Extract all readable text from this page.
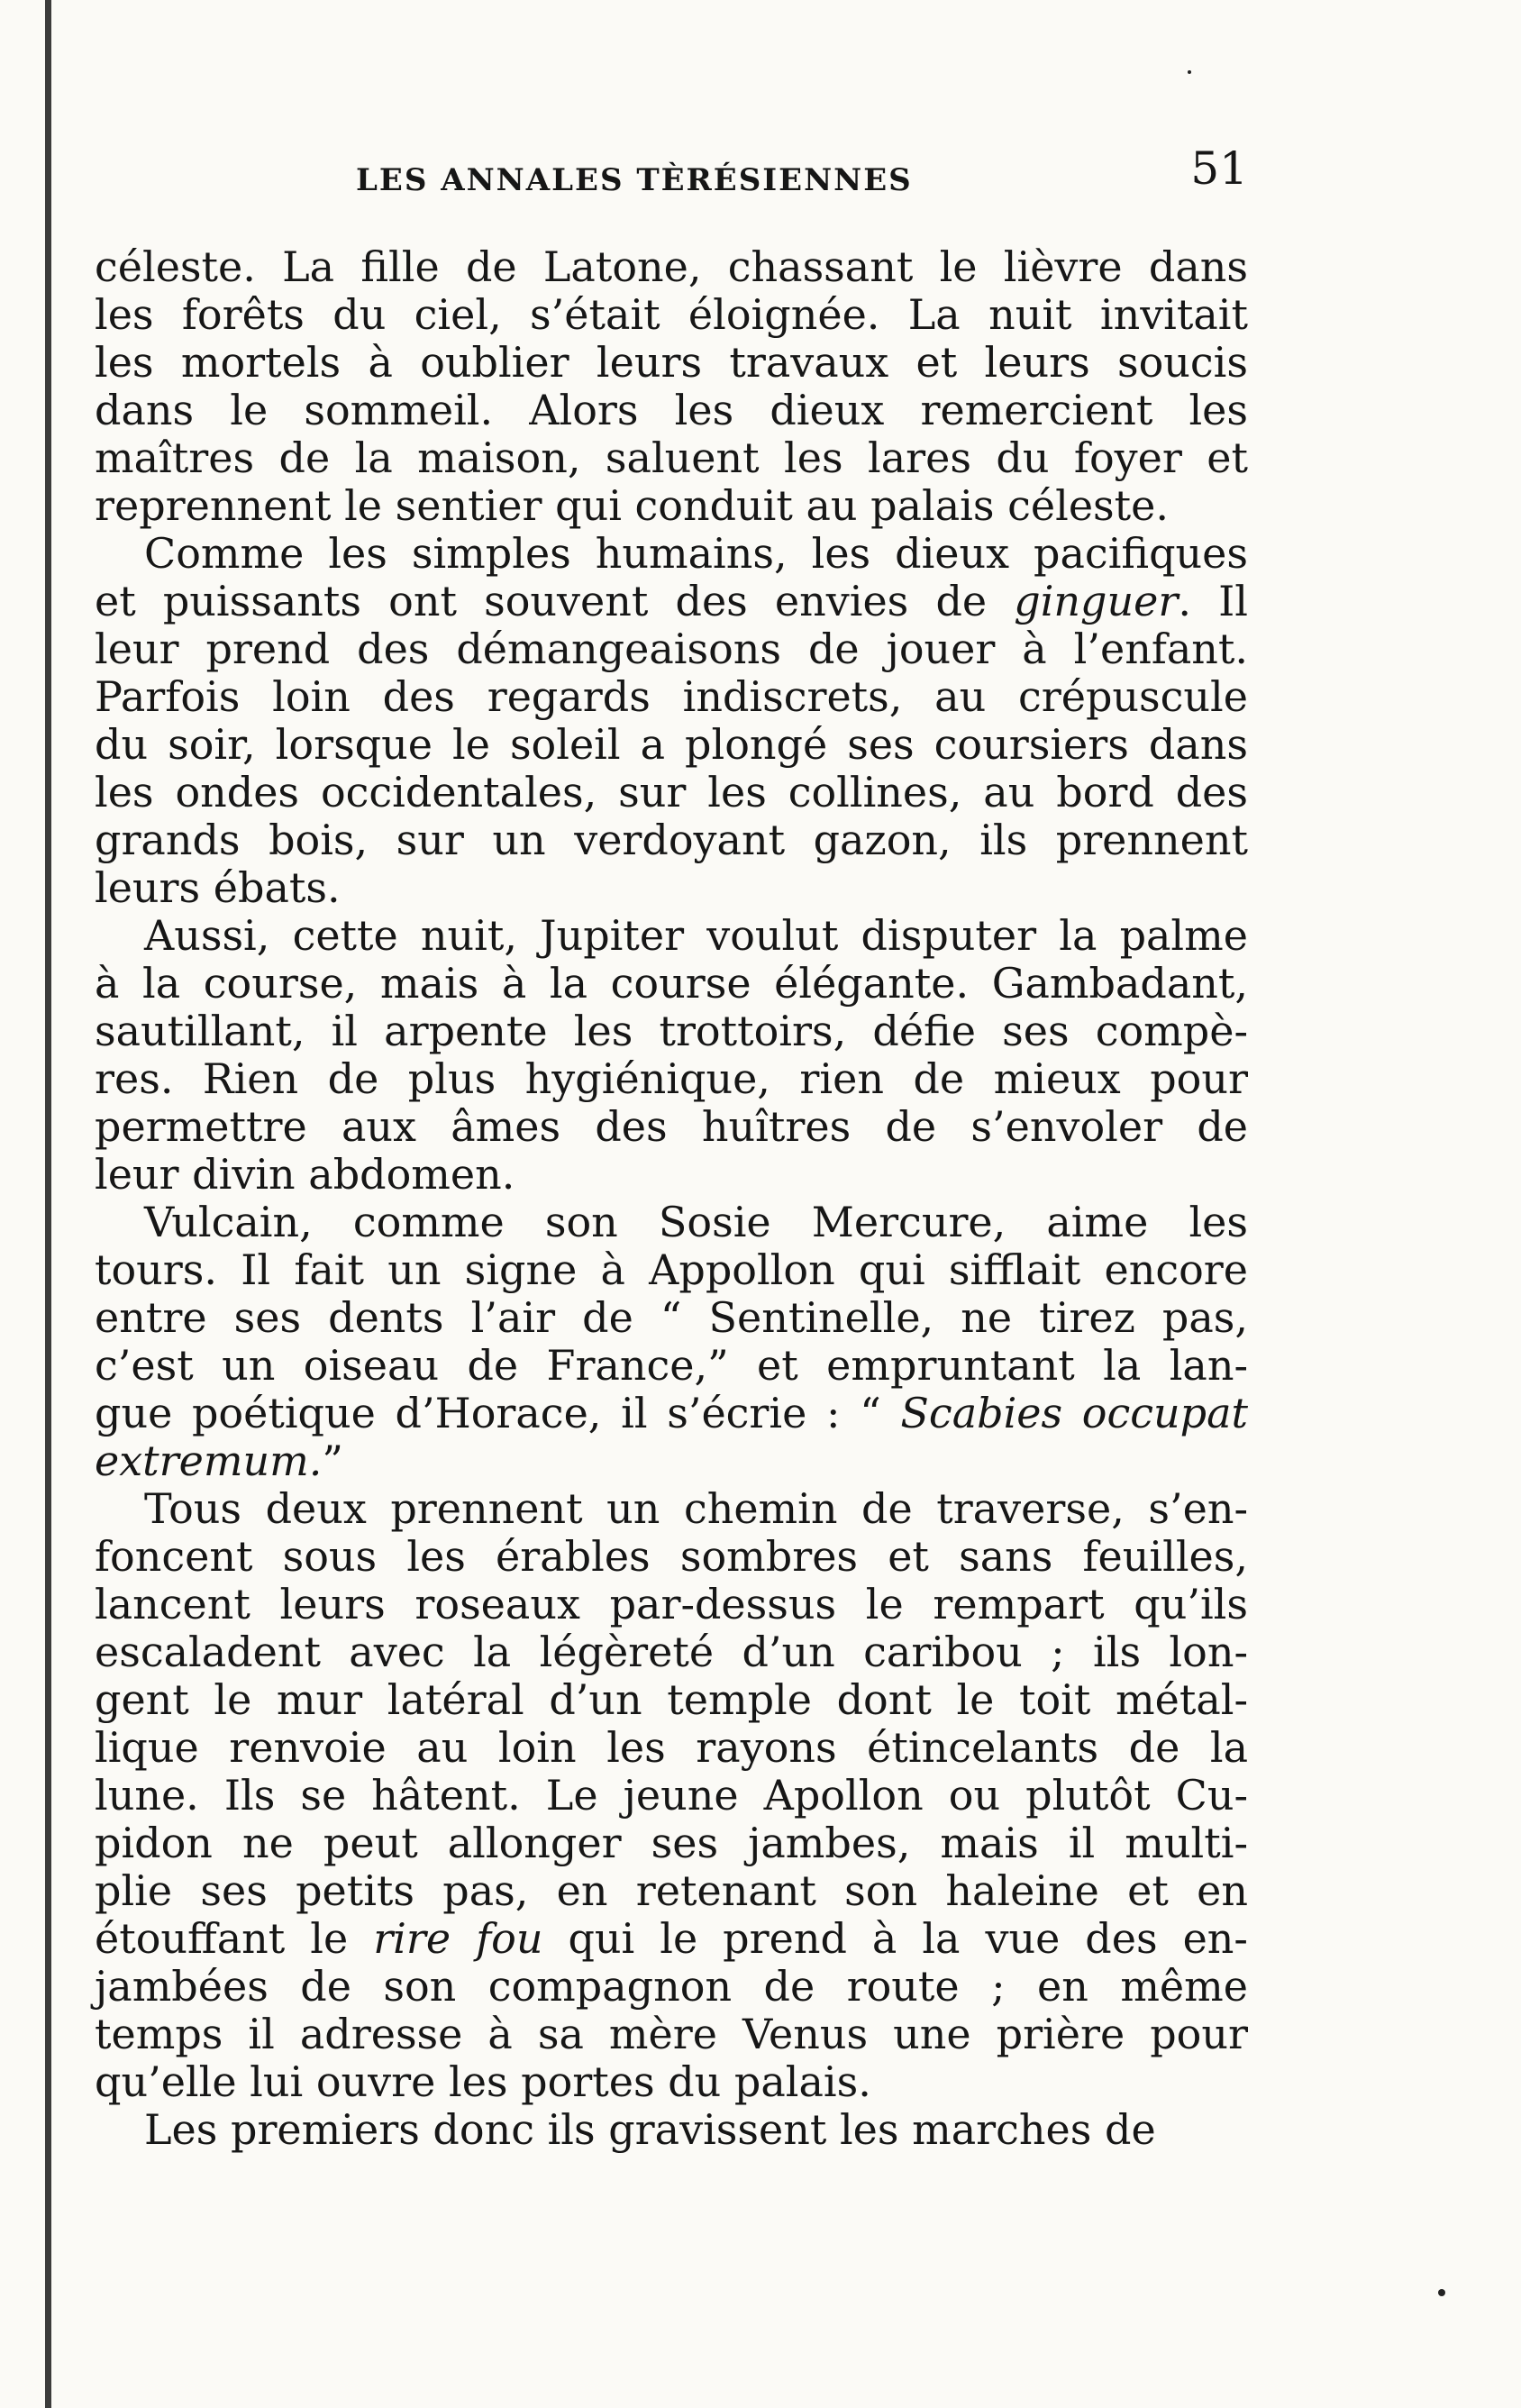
LES ANNALES TÈRÉSIENNES	51
céleste. La fille de Latone, chassant le lièvre dans
les forêts du ciel, s’était éloignée. La nuit invitait
les mortels à oublier leurs travaux et leurs soucis
dans le sommeil. Alors les dieux remercient les
maîtres de la maison, saluent les lares du foyer et
reprennent le sentier qui conduit au palais céleste.
Comme les simples humains, les dieux pacifiques
et puissants ont souvent des envies de ginguer. Il
leur prend des démangeaisons de jouer à l’enfant.
Parfois loin des regards indiscrets, au crépuscule
du soir, lorsque le soleil a plongé ses coursiers dans
les ondes occidentales, sur les collines, au bord des
grands bois, sur un verdoyant gazon, ils prennent
leurs ébats.
Aussi, cette nuit, Jupiter voulut disputer la palme
à la course, mais à la course élégante. Gambadant,
sautillant, il arpente les trottoirs, défie ses compè-
res. Rien de plus hygiénique, rien de mieux pour
permettre aux âmes des huîtres de s’envoler de
leur divin abdomen.
Vulcain, comme son Sosie Mercure, aime les
tours. Il fait un signe à Appollon qui sifflait encore
entre ses dents l’air de “ Sentinelle, ne tirez pas,
c’est un oiseau de France,” et empruntant la lan-
gue poétique d’Horace, il s’écrie : “ Scabies occupat
extremum.”
Tous deux prennent un chemin de traverse, s’en-
foncent sous les érables sombres et sans feuilles,
lancent leurs roseaux par-dessus le rempart qu’ils
escaladent avec la légèreté d’un caribou ; ils lon-
gent le mur latéral d’un temple dont le toit métal-
lique renvoie au loin les rayons étincelants de la
lune. Ils se hâtent. Le jeune Apollon ou plutôt Cu-
pidon ne peut allonger ses jambes, mais il multi-
plie ses petits pas, en retenant son haleine et en
étouffant le rire fou qui le prend à la vue des en-
jambées de son compagnon de route ; en même
temps il adresse à sa mère Venus une prière pour
qu’elle lui ouvre les portes du palais.
Les premiers donc ils gravissent les marches de
